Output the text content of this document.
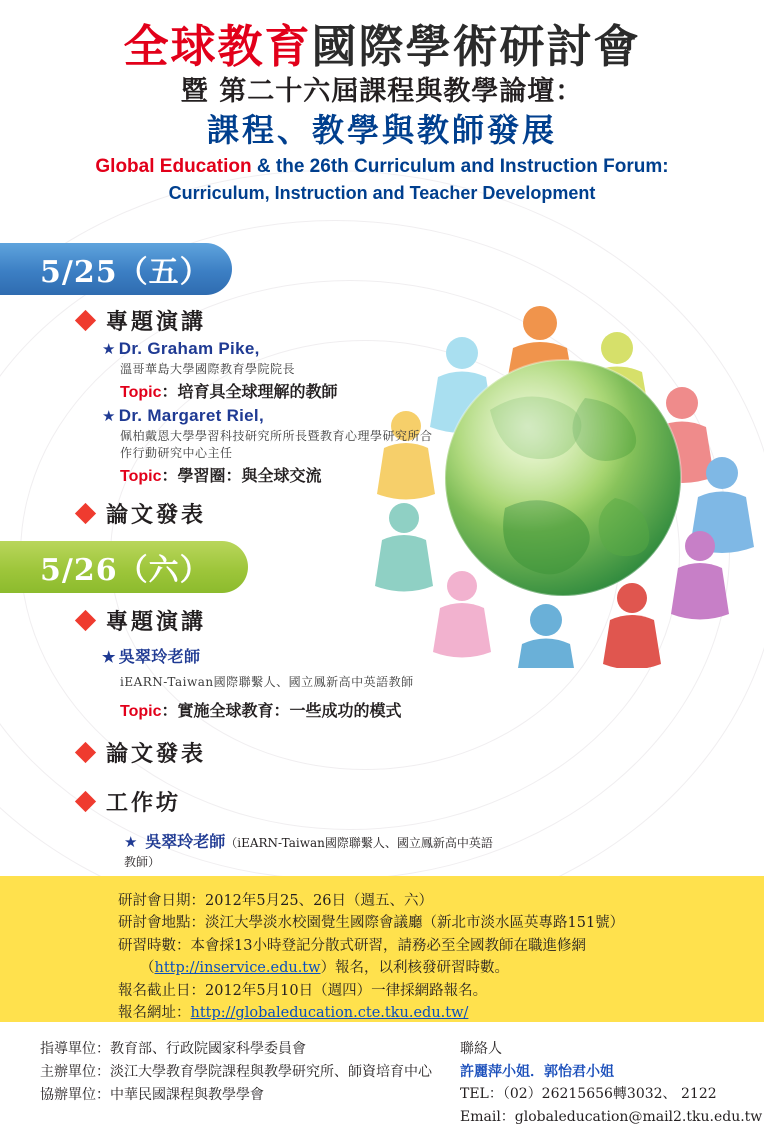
全球教育國際學術研討會
暨 第二十六屆課程與教學論壇：
課程、教學與教師發展
Global Education & the 26th Curriculum and Instruction Forum:
Curriculum, Instruction and Teacher Development
5/25（五）
專題演講
★ Dr. Graham Pike,
溫哥華島大學國際教育學院院長
Topic：培育具全球理解的教師
★ Dr. Margaret Riel,
佩柏戴恩大學學習科技研究所所長暨教育心理學研究所合作行動研究中心主任
Topic：學習圈：與全球交流
論文發表
5/26（六）
專題演講
★ 吳翠玲老師
iEARN-Taiwan國際聯繫人、國立鳳新高中英語教師
Topic：實施全球教育：一些成功的模式
論文發表
工作坊
★ 吳翠玲老師（iEARN-Taiwan國際聯繫人、國立鳳新高中英語教師）
研討會日期：2012年5月25、26日（週五、六）
研討會地點：淡江大學淡水校園覺生國際會議廳（新北市淡水區英專路151號）
研習時數：本會採13小時登記分散式研習，請務必至全國教師在職進修網
（http://inservice.edu.tw）報名，以利核發研習時數。
報名截止日：2012年5月10日（週四）一律採網路報名。
報名網址：http://globaleducation.cte.tku.edu.tw/
指導單位：教育部、行政院國家科學委員會
主辦單位：淡江大學教育學院課程與教學研究所、師資培育中心
協辦單位：中華民國課程與教學學會
聯絡人
許麗萍小姐．郭怡君小姐
TEL：（02）26215656轉3032、 2122
Email：globaleducation@mail2.tku.edu.tw
